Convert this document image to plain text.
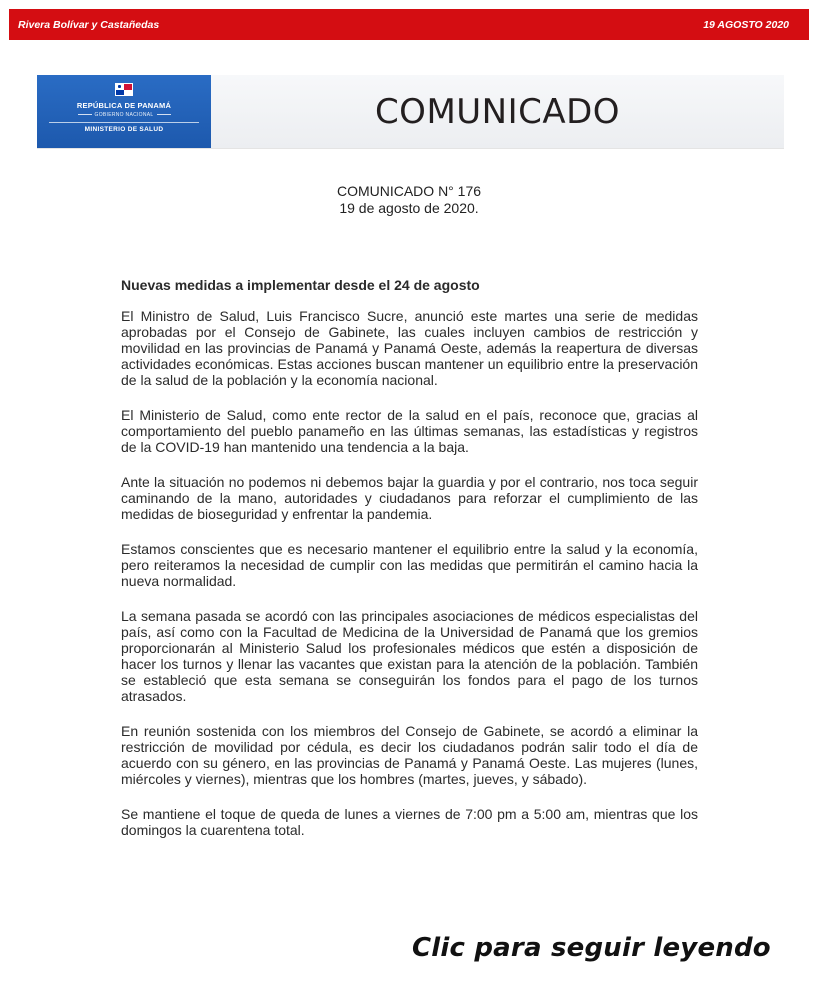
Rivera Bolívar y Castañedas	19 AGOSTO 2020
REPÚBLICA DE PANAMÁ
GOBIERNO NACIONAL
MINISTERIO DE SALUD	COMUNICADO
COMUNICADO N° 176
19 de agosto de 2020.
Nuevas medidas a implementar desde el 24 de agosto

El Ministro de Salud, Luis Francisco Sucre, anunció este martes una serie de medidas aprobadas por el Consejo de Gabinete, las cuales incluyen cambios de restricción y movilidad en las provincias de Panamá y Panamá Oeste, además la reapertura de diversas actividades económicas. Estas acciones buscan mantener un equilibrio entre la preservación de la salud de la población y la economía nacional.

El Ministerio de Salud, como ente rector de la salud en el país, reconoce que, gracias al comportamiento del pueblo panameño en las últimas semanas, las estadísticas y registros de la COVID-19 han mantenido una tendencia a la baja.

Ante la situación no podemos ni debemos bajar la guardia y por el contrario, nos toca seguir caminando de la mano, autoridades y ciudadanos para reforzar el cumplimiento de las medidas de bioseguridad y enfrentar la pandemia.

Estamos conscientes que es necesario mantener el equilibrio entre la salud y la economía, pero reiteramos la necesidad de cumplir con las medidas que permitirán el camino hacia la nueva normalidad.

La semana pasada se acordó con las principales asociaciones de médicos especialistas del país, así como con la Facultad de Medicina de la Universidad de Panamá que los gremios proporcionarán al Ministerio Salud los profesionales médicos que estén a disposición de hacer los turnos y llenar las vacantes que existan para la atención de la población. También se estableció que esta semana se conseguirán los fondos para el pago de los turnos atrasados.

En reunión sostenida con los miembros del Consejo de Gabinete, se acordó a eliminar la restricción de movilidad por cédula, es decir los ciudadanos podrán salir todo el día de acuerdo con su género, en las provincias de Panamá y Panamá Oeste. Las mujeres (lunes, miércoles y viernes), mientras que los hombres (martes, jueves, y sábado).

Se mantiene el toque de queda de lunes a viernes de 7:00 pm a 5:00 am, mientras que los domingos la cuarentena total.

Clic para seguir leyendo
